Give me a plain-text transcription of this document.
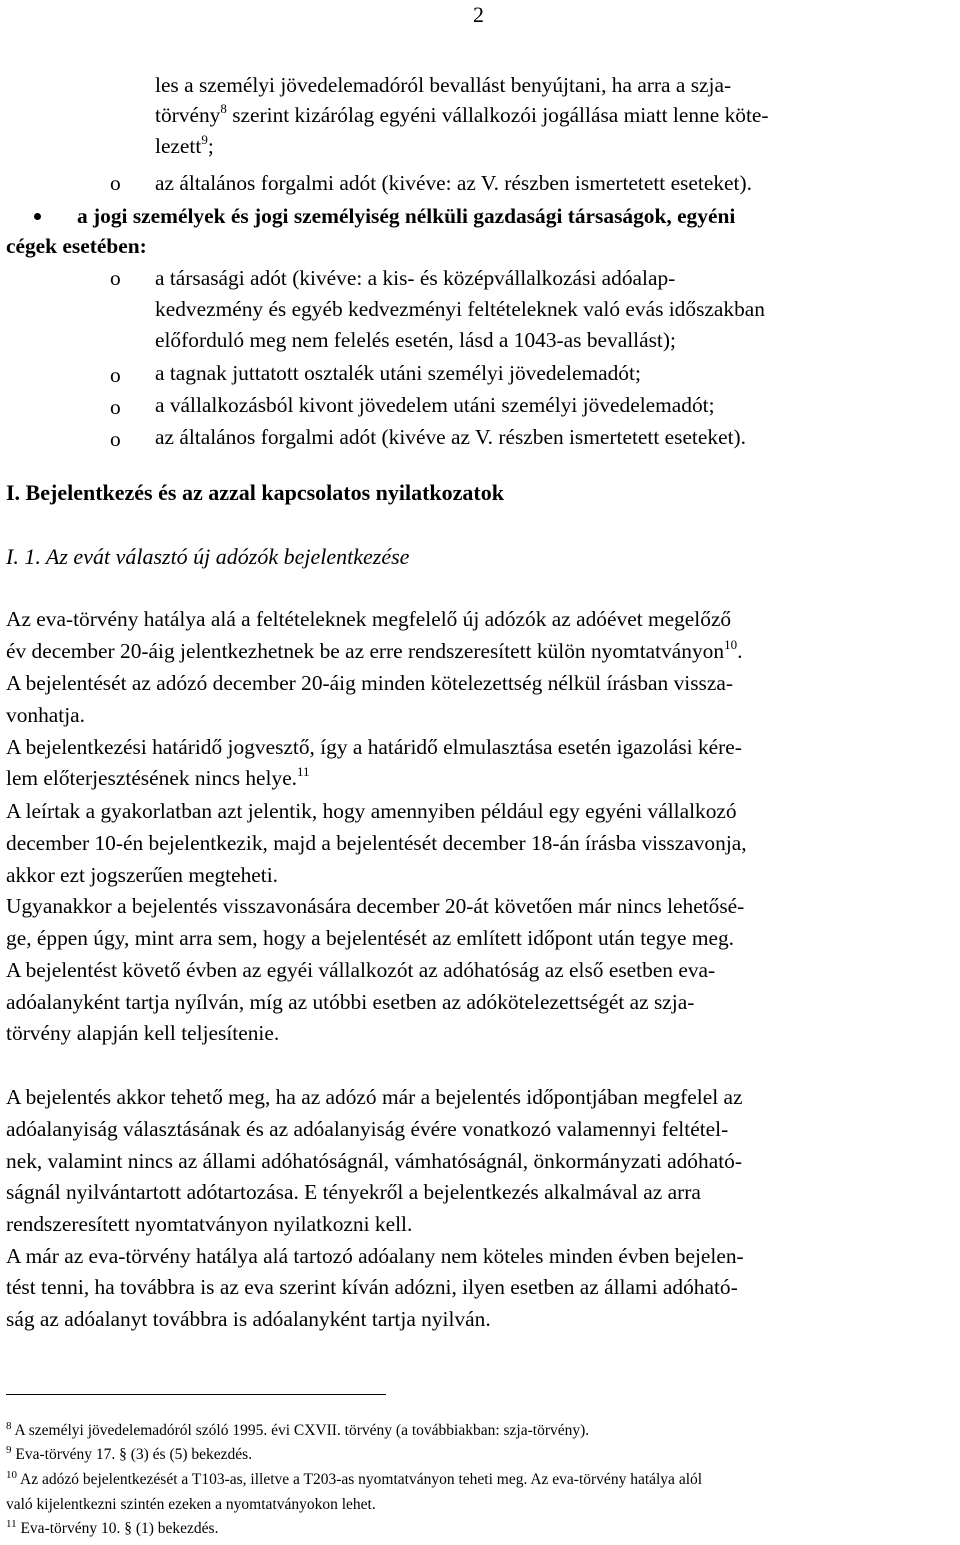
2
les a személyi jövedelemadóról bevallást benyújtani, ha arra a szja-
törvény$^8$ szerint kizárólag egyéni vállalkozói jogállása miatt lenne köte-
lezett$^9$;
o az általános forgalmi adót (kivéve: az V. részben ismertetett eseteket).
a jogi személyek és jogi személyiség nélküli gazdasági társaságok, egyéni
cégek esetében:
o a társasági adót (kivéve: a kis- és középvállalkozási adóalap-
kedvezmény és egyéb kedvezményi feltételeknek való evás időszakban
előforduló meg nem felelés esetén, lásd a 1043-as bevallást);
o a tagnak juttatott osztalék utáni személyi jövedelemadót;
o a vállalkozásból kivont jövedelem utáni személyi jövedelemadót;
o az általános forgalmi adót (kivéve az V. részben ismertetett eseteket).
I. Bejelentkezés és az azzal kapcsolatos nyilatkozatok
I. 1. Az evát választó új adózók bejelentkezése
Az eva-törvény hatálya alá a feltételeknek megfelelő új adózók az adóévet megelőző
év december 20-áig jelentkezhetnek be az erre rendszeresített külön nyomtatványon$^{10}$.
A bejelentését az adózó december 20-áig minden kötelezettség nélkül írásban vissza-
vonhatja.
A bejelentkezési határidő jogvesztő, így a határidő elmulasztása esetén igazolási kére-
lem előterjesztésének nincs helye.$^{11}$
A leírtak a gyakorlatban azt jelentik, hogy amennyiben például egy egyéni vállalkozó
december 10-én bejelentkezik, majd a bejelentését december 18-án írásba visszavonja,
akkor ezt jogszerűen megteheti.
Ugyanakkor a bejelentés visszavonására december 20-át követően már nincs lehetősé-
ge, éppen úgy, mint arra sem, hogy a bejelentését az említett időpont után tegye meg.
A bejelentést követő évben az egyéi vállalkozót az adóhatóság az első esetben eva-
adóalanyként tartja nyílván, míg az utóbbi esetben az adókötelezettségét az szja-
törvény alapján kell teljesítenie.
A bejelentés akkor tehető meg, ha az adózó már a bejelentés időpontjában megfelel az
adóalanyiság választásának és az adóalanyiság évére vonatkozó valamennyi feltétel-
nek, valamint nincs az állami adóhatóságnál, vámhatóságnál, önkormányzati adóható-
ságnál nyilvántartott adótartozása. E tényekről a bejelentkezés alkalmával az arra
rendszeresített nyomtatványon nyilatkozni kell.
A már az eva-törvény hatálya alá tartozó adóalany nem köteles minden évben bejelen-
tést tenni, ha továbbra is az eva szerint kíván adózni, ilyen esetben az állami adóható-
ság az adóalanyt továbbra is adóalanyként tartja nyilván.
$^8$ A személyi jövedelemadóról szóló 1995. évi CXVII. törvény (a továbbiakban: szja-törvény).
$^9$ Eva-törvény 17. § (3) és (5) bekezdés.
$^{10}$ Az adózó bejelentkezését a T103-as, illetve a T203-as nyomtatványon teheti meg. Az eva-törvény hatálya alól
való kijelentkezni szintén ezeken a nyomtatványokon lehet.
$^{11}$ Eva-törvény 10. § (1) bekezdés.
